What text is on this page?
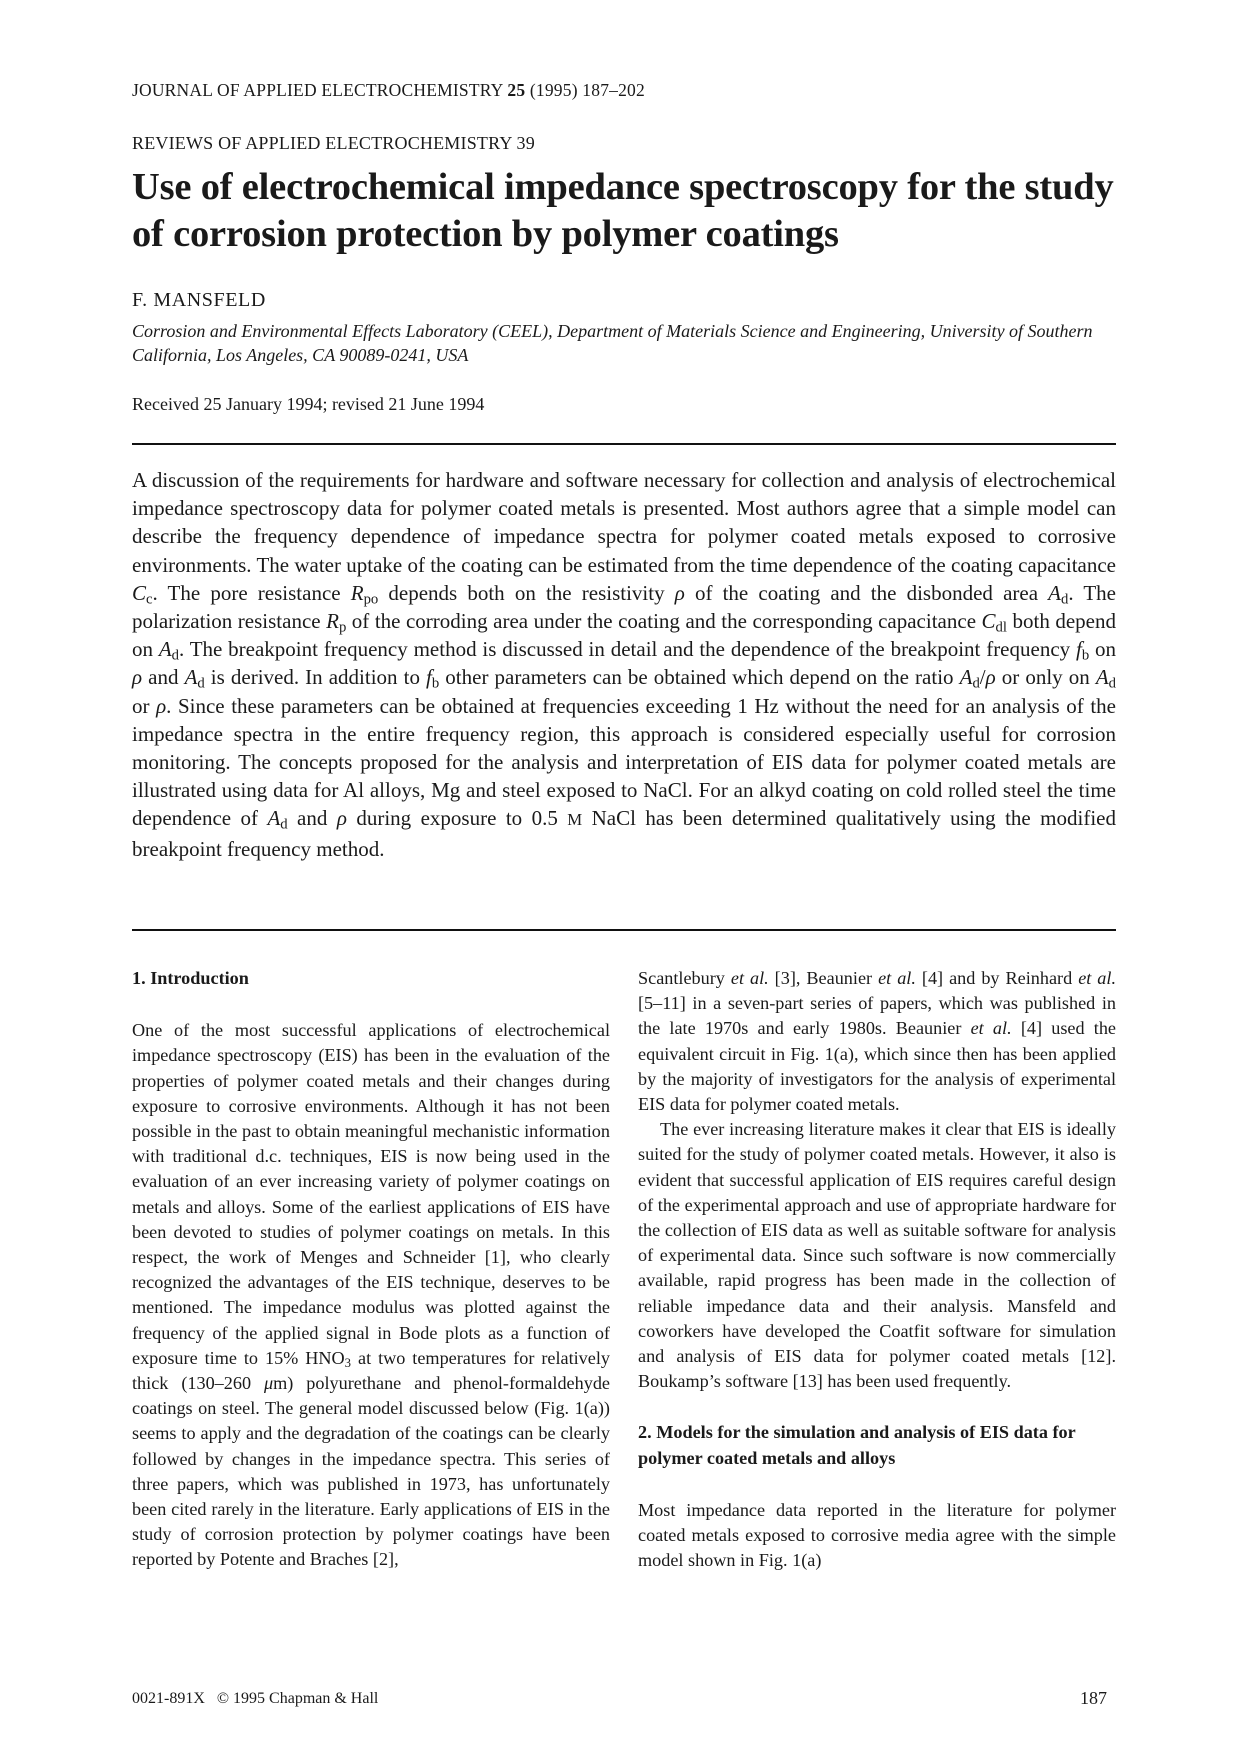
JOURNAL OF APPLIED ELECTROCHEMISTRY 25 (1995) 187–202
REVIEWS OF APPLIED ELECTROCHEMISTRY 39
Use of electrochemical impedance spectroscopy for the study of corrosion protection by polymer coatings
F. MANSFELD
Corrosion and Environmental Effects Laboratory (CEEL), Department of Materials Science and Engineering, University of Southern California, Los Angeles, CA 90089-0241, USA
Received 25 January 1994; revised 21 June 1994

A discussion of the requirements for hardware and software necessary for collection and analysis of electrochemical impedance spectroscopy data for polymer coated metals is presented. Most authors agree that a simple model can describe the frequency dependence of impedance spectra for polymer coated metals exposed to corrosive environments. The water uptake of the coating can be estimated from the time dependence of the coating capacitance $C_c$. The pore resistance $R_{po}$ depends both on the resistivity ρ of the coating and the disbonded area $A_d$. The polarization resistance $R_p$ of the corroding area under the coating and the corresponding capacitance $C_{dl}$ both depend on $A_d$. The breakpoint frequency method is discussed in detail and the dependence of the breakpoint frequency $f_b$ on ρ and $A_d$ is derived. In addition to $f_b$ other parameters can be obtained which depend on the ratio $A_d/\rho$ or only on $A_d$ or ρ. Since these parameters can be obtained at frequencies exceeding 1 Hz without the need for an analysis of the impedance spectra in the entire frequency region, this approach is considered especially useful for corrosion monitoring. The concepts proposed for the analysis and interpretation of EIS data for polymer coated metals are illustrated using data for Al alloys, Mg and steel exposed to NaCl. For an alkyd coating on cold rolled steel the time dependence of $A_d$ and ρ during exposure to 0.5 M NaCl has been determined qualitatively using the modified breakpoint frequency method.

1. Introduction

One of the most successful applications of electrochemical impedance spectroscopy (EIS) has been in the evaluation of the properties of polymer coated metals and their changes during exposure to corrosive environments. Although it has not been possible in the past to obtain meaningful mechanistic information with traditional d.c. techniques, EIS is now being used in the evaluation of an ever increasing variety of polymer coatings on metals and alloys. Some of the earliest applications of EIS have been devoted to studies of polymer coatings on metals. In this respect, the work of Menges and Schneider [1], who clearly recognized the advantages of the EIS technique, deserves to be mentioned. The impedance modulus was plotted against the frequency of the applied signal in Bode plots as a function of exposure time to 15% $HNO_3$ at two temperatures for relatively thick (130–260 μm) polyurethane and phenol-formaldehyde coatings on steel. The general model discussed below (Fig. 1(a)) seems to apply and the degradation of the coatings can be clearly followed by changes in the impedance spectra. This series of three papers, which was published in 1973, has unfortunately been cited rarely in the literature. Early applications of EIS in the study of corrosion protection by polymer coatings have been reported by Potente and Braches [2],

Scantlebury et al. [3], Beaunier et al. [4] and by Reinhard et al. [5–11] in a seven-part series of papers, which was published in the late 1970s and early 1980s. Beaunier et al. [4] used the equivalent circuit in Fig. 1(a), which since then has been applied by the majority of investigators for the analysis of experimental EIS data for polymer coated metals.

The ever increasing literature makes it clear that EIS is ideally suited for the study of polymer coated metals. However, it also is evident that successful application of EIS requires careful design of the experimental approach and use of appropriate hardware for the collection of EIS data as well as suitable software for analysis of experimental data. Since such software is now commercially available, rapid progress has been made in the collection of reliable impedance data and their analysis. Mansfeld and coworkers have developed the Coatfit software for simulation and analysis of EIS data for polymer coated metals [12]. Boukamp’s software [13] has been used frequently.

2. Models for the simulation and analysis of EIS data for polymer coated metals and alloys

Most impedance data reported in the literature for polymer coated metals exposed to corrosive media agree with the simple model shown in Fig. 1(a)

0021-891X   © 1995 Chapman & Hall	187
